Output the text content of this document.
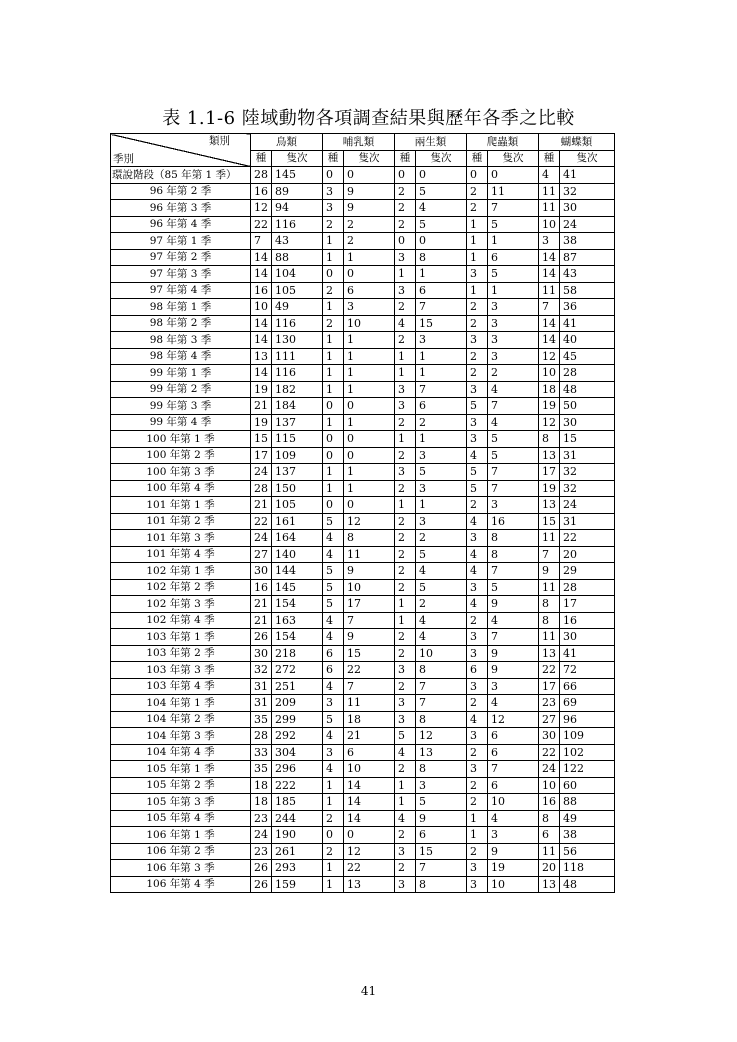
表 1.1-6 陸域動物各項調查結果與歷年各季之比較
類別
季別	鳥類		哺乳類		兩生類		爬蟲類		蝴蝶類	
	種	隻次	種	隻次	種	隻次	種	隻次	種	隻次
環說階段（85 年第 1 季）	28	145	0	0	0	0	0	0	4	41
96 年第 2 季	16	89	3	9	2	5	2	11	11	32
96 年第 3 季	12	94	3	9	2	4	2	7	11	30
96 年第 4 季	22	116	2	2	2	5	1	5	10	24
97 年第 1 季	7	43	1	2	0	0	1	1	3	38
97 年第 2 季	14	88	1	1	3	8	1	6	14	87
97 年第 3 季	14	104	0	0	1	1	3	5	14	43
97 年第 4 季	16	105	2	6	3	6	1	1	11	58
98 年第 1 季	10	49	1	3	2	7	2	3	7	36
98 年第 2 季	14	116	2	10	4	15	2	3	14	41
98 年第 3 季	14	130	1	1	2	3	3	3	14	40
98 年第 4 季	13	111	1	1	1	1	2	3	12	45
99 年第 1 季	14	116	1	1	1	1	2	2	10	28
99 年第 2 季	19	182	1	1	3	7	3	4	18	48
99 年第 3 季	21	184	0	0	3	6	5	7	19	50
99 年第 4 季	19	137	1	1	2	2	3	4	12	30
100 年第 1 季	15	115	0	0	1	1	3	5	8	15
100 年第 2 季	17	109	0	0	2	3	4	5	13	31
100 年第 3 季	24	137	1	1	3	5	5	7	17	32
100 年第 4 季	28	150	1	1	2	3	5	7	19	32
101 年第 1 季	21	105	0	0	1	1	2	3	13	24
101 年第 2 季	22	161	5	12	2	3	4	16	15	31
101 年第 3 季	24	164	4	8	2	2	3	8	11	22
101 年第 4 季	27	140	4	11	2	5	4	8	7	20
102 年第 1 季	30	144	5	9	2	4	4	7	9	29
102 年第 2 季	16	145	5	10	2	5	3	5	11	28
102 年第 3 季	21	154	5	17	1	2	4	9	8	17
102 年第 4 季	21	163	4	7	1	4	2	4	8	16
103 年第 1 季	26	154	4	9	2	4	3	7	11	30
103 年第 2 季	30	218	6	15	2	10	3	9	13	41
103 年第 3 季	32	272	6	22	3	8	6	9	22	72
103 年第 4 季	31	251	4	7	2	7	3	3	17	66
104 年第 1 季	31	209	3	11	3	7	2	4	23	69
104 年第 2 季	35	299	5	18	3	8	4	12	27	96
104 年第 3 季	28	292	4	21	5	12	3	6	30	109
104 年第 4 季	33	304	3	6	4	13	2	6	22	102
105 年第 1 季	35	296	4	10	2	8	3	7	24	122
105 年第 2 季	18	222	1	14	1	3	2	6	10	60
105 年第 3 季	18	185	1	14	1	5	2	10	16	88
105 年第 4 季	23	244	2	14	4	9	1	4	8	49
106 年第 1 季	24	190	0	0	2	6	1	3	6	38
106 年第 2 季	23	261	2	12	3	15	2	9	11	56
106 年第 3 季	26	293	1	22	2	7	3	19	20	118
106 年第 4 季	26	159	1	13	3	8	3	10	13	48
41
